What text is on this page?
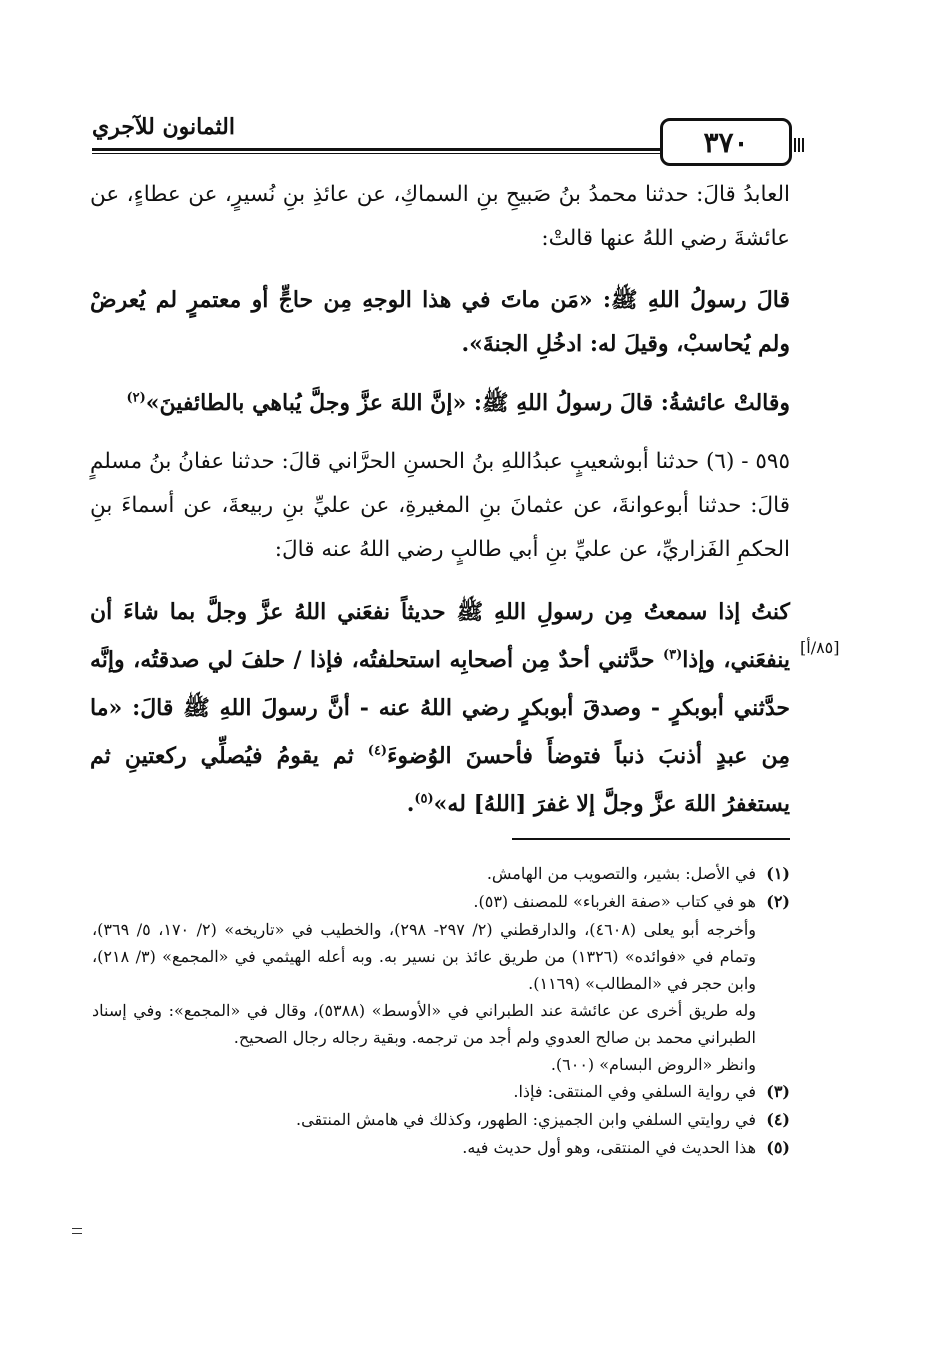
الثمانون للآجري	٣٧٠

العابدُ قالَ: حدثنا محمدُ بنُ صَبيحِ بنِ السماكِ، عن عائذِ بنِ نُسيرٍ، عن عطاءٍ، عن عائشةَ رضي اللهُ عنها قالتْ:

قالَ رسولُ اللهِ ﷺ: «مَن ماتَ في هذا الوجهِ مِن حاجٍّ أو معتمرٍ لم يُعرضْ ولم يُحاسبْ، وقيلَ له: ادخُلِ الجنةَ».

وقالتْ عائشةُ: قالَ رسولُ اللهِ ﷺ: «إنَّ اللهَ عزَّ وجلَّ يُباهي بالطائفينَ»$^{(٢)}$

٥٩٥ - (٦) حدثنا أبوشعيبٍ عبدُاللهِ بنُ الحسنِ الحرَّاني قالَ: حدثنا عفانُ بنُ مسلمٍ قالَ: حدثنا أبوعوانةَ، عن عثمانَ بنِ المغيرةِ، عن عليِّ بنِ ربيعةَ، عن أسماءَ بنِ الحكمِ الفَزاريِّ، عن عليِّ بنِ أبي طالبٍ رضي اللهُ عنه قالَ:

كنتُ إذا سمعتُ مِن رسولِ اللهِ ﷺ حديثاً نفعَني اللهُ عزَّ وجلَّ بما شاءَ أن ينفعَني، وإذا$^{(٣)}$ حدَّثني أحدٌ مِن أصحابِه استحلفتُه، فإذا / حلفَ لي صدقتُه، وإنَّه حدَّثني أبوبكرٍ - وصدقَ أبوبكرٍ رضي اللهُ عنه - أنَّ رسولَ اللهِ ﷺ قالَ: «ما مِن عبدٍ أذنبَ ذنباً فتوضأَ فأحسنَ الوُضوءَ$^{(٤)}$ ثم يقومُ فيُصلِّي ركعتينِ ثم يستغفرُ اللهَ عزَّ وجلَّ إلا غفرَ [اللهُ] له»$^{(٥)}$.

[٨٥/أ]

(١)في الأصل: بشير، والتصويب من الهامش.

(٢)هو في كتاب «صفة الغرباء» للمصنف (٥٣).

وأخرجه أبو يعلى (٤٦٠٨)، والدارقطني (٢/ ٢٩٧- ٢٩٨)، والخطيب في «تاريخه» (٢/ ١٧٠، ٥/ ٣٦٩)، وتمام في «فوائده» (١٣٢٦) من طريق عائذ بن نسير به. وبه أعله الهيثمي في «المجمع» (٣/ ٢١٨)، وابن حجر في «المطالب» (١١٦٩).

وله طريق أخرى عن عائشة عند الطبراني في «الأوسط» (٥٣٨٨)، وقال في «المجمع»: وفي إسناد الطبراني محمد بن صالح العدوي ولم أجد من ترجمه. وبقية رجاله رجال الصحيح.

وانظر «الروض البسام» (٦٠٠).

(٣)في رواية السلفي وفي المنتقى: فإذا.

(٤)في روايتي السلفي وابن الجميزي: الطهور، وكذلك في هامش المنتقى.

(٥)هذا الحديث في المنتقى، وهو أول حديث فيه.
